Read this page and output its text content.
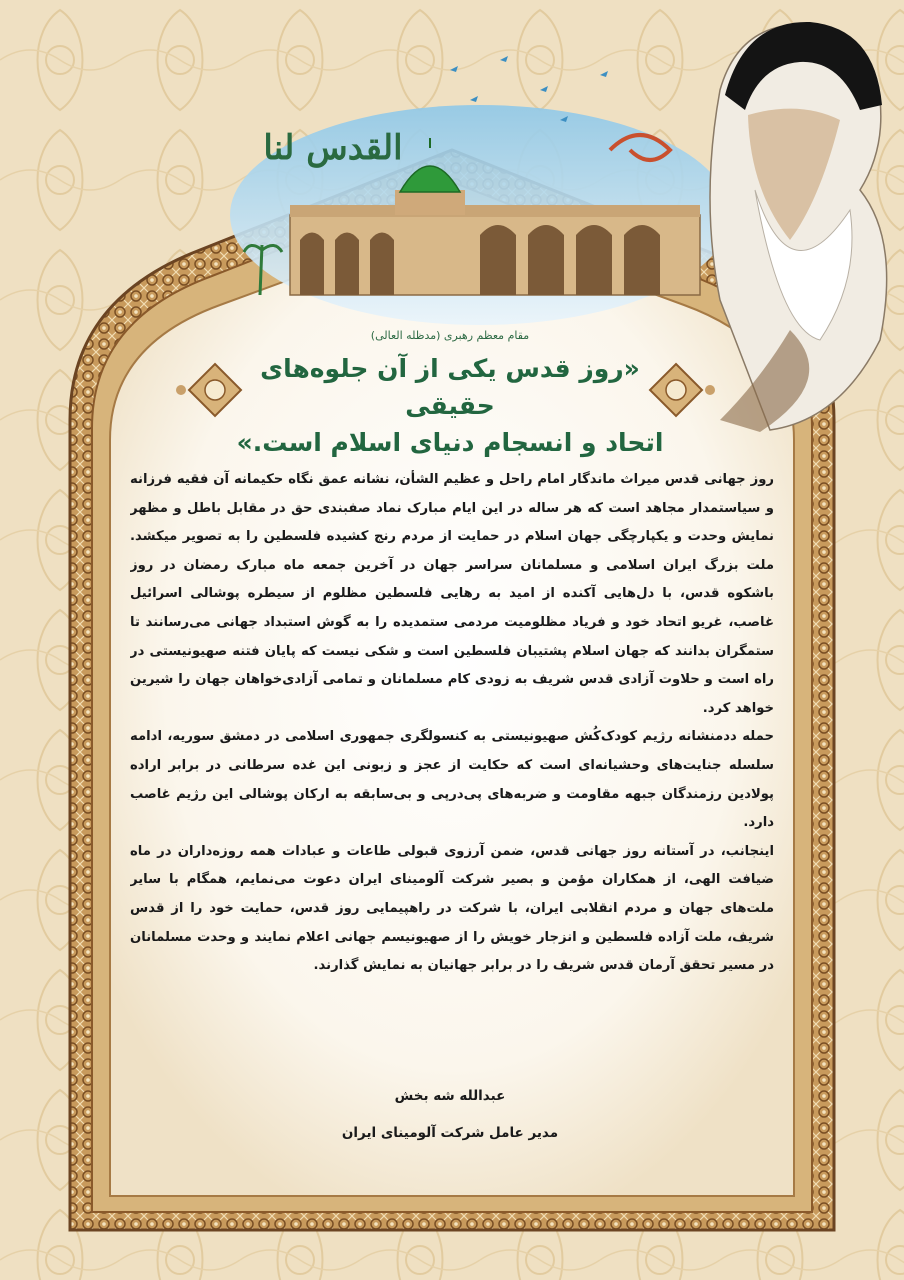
القدس لنا
مقام معظم رهبری (مدظله العالی)
«روز قدس یکی از آن جلوه‌های حقیقی
اتحاد و انسجام دنیای اسلام است.»

روز جهانی قدس میراث ماندگار امام راحل و عظیم الشأن، نشانه عمق نگاه حکیمانه آن فقیه فرزانه و سیاستمدار مجاهد است که هر ساله در این ایام مبارک نماد صفبندی حق در مقابل باطل و مظهر نمایش وحدت و یکپارچگی جهان اسلام در حمایت از مردم رنج کشیده فلسطین را به تصویر میکشد. ملت بزرگ ایران اسلامی و مسلمانان سراسر جهان در آخرین جمعه ماه مبارک رمضان در روز باشکوه قدس، با دل‌هایی آکنده از امید به رهایی فلسطین مظلوم از سیطره پوشالی اسرائیل غاصب، غریو اتحاد خود و فریاد مظلومیت مردمی ستمدیده را به گوش استبداد جهانی می‌رسانند تا ستمگران بدانند که جهان اسلام پشتیبان فلسطین است و شکی نیست که پایان فتنه صهیونیستی در راه است و حلاوت آزادی قدس شریف به زودی کام مسلمانان و تمامی آزادی‌خواهان جهان را شیرین خواهد کرد.

حمله ددمنشانه رژیم کودک‌کُش صهیونیستی به کنسولگری جمهوری اسلامی در دمشق سوریه، ادامه سلسله جنایت‌های وحشیانه‌ای است که حکایت از عجز و زبونی این غده سرطانی در برابر اراده پولادین رزمندگان جبهه مقاومت و ضربه‌های پی‌درپی و بی‌سابقه به ارکان پوشالی این رژیم غاصب دارد.

اینجانب، در آستانه روز جهانی قدس، ضمن آرزوی قبولی طاعات و عبادات همه روزه‌داران در ماه ضیافت الهی، از همکاران مؤمن و بصیر شرکت آلومینای ایران دعوت می‌نمایم، همگام با سایر ملت‌های جهان و مردم انقلابی ایران، با شرکت در راهپیمایی روز قدس، حمایت خود را از قدس شریف، ملت آزاده فلسطین و انزجار خویش را از صهیونیسم جهانی اعلام نمایند و وحدت مسلمانان در مسیر تحقق آرمان قدس شریف را در برابر جهانیان به نمایش گذارند.

عبدالله شه بخش
مدیر عامل شرکت آلومینای ایران
